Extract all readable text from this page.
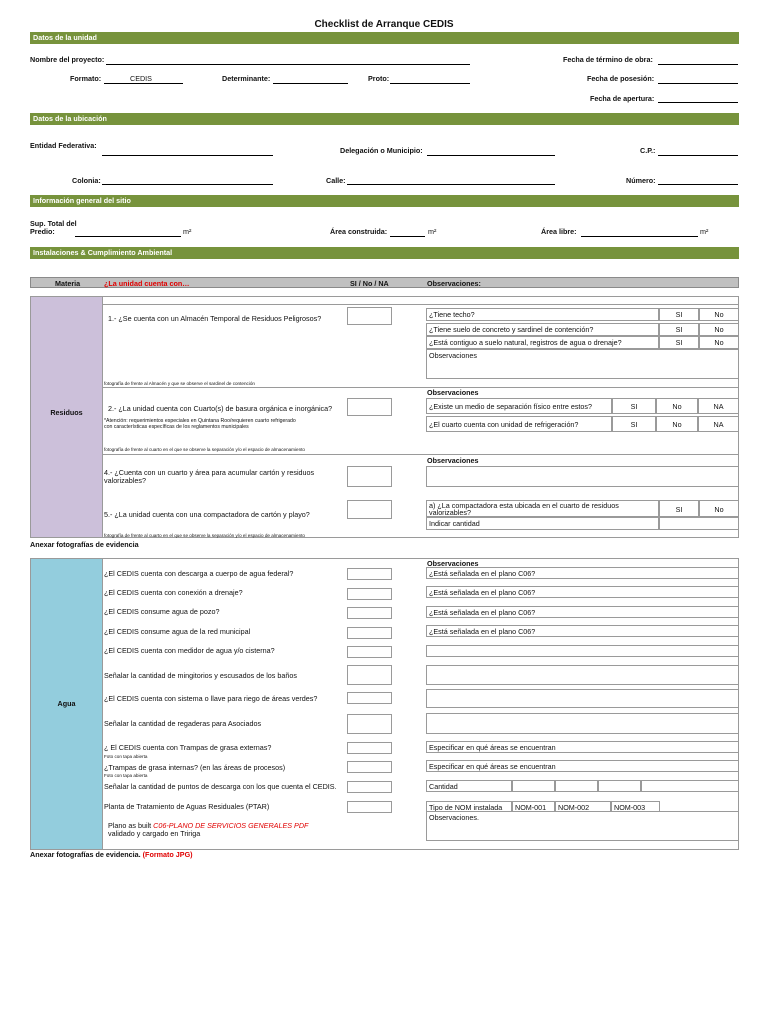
Checklist de Arranque CEDIS
Datos de la unidad
Nombre del proyecto:
Formato:	CEDIS	Determinante:	Proto:
Fecha de término de obra:
Fecha de posesión:
Fecha de apertura:
Datos de la ubicación
Entidad Federativa:
Delegación o Municipio:	C.P.:
Colonia:	Calle:	Número:
Información general del sitio
Sup. Total del
Predio:	m²	Área construida:	m²	Área libre:	m²
Instalaciones & Cumplimiento Ambiental
Materia	¿La unidad cuenta con…	SI / No / NA	Observaciones:
Residuos
1.- ¿Se cuenta con un Almacén Temporal de Residuos Peligrosos?
fotografía de frente al Almacén y que se observe el sardinel de contención
¿Tiene techo?	SI	No
¿Tiene suelo de concreto y sardinel de contención?	SI	No
¿Está contiguo a suelo natural, registros de agua o drenaje?	SI	No
Observaciones
Observaciones
2.- ¿La unidad cuenta con Cuarto(s) de basura orgánica e inorgánica?
*Atención: requerimientos especiales en Quintana Roo/requieren cuarto refrigerado
con características específicas de los reglamentos municipales
fotografía de frente al cuarto en el que se observe la separación y/o el espacio de almacenamiento
¿Existe un medio de separación físico entre estos?	SI	No	NA
¿El cuarto cuenta con unidad de refrigeración?	SI	No	NA
Observaciones
4.- ¿Cuenta con un cuarto y área para acumular cartón y residuos
valorizables?
5.- ¿La unidad cuenta con una compactadora de cartón y playo?
a) ¿La compactadora esta ubicada en el cuarto de residuos
valorizables?	SI	No
Indicar cantidad
fotografía de frente al cuarto en el que se observe la separación y/o el espacio de almacenamiento
Anexar fotografías de evidencia
Agua
Observaciones
¿El CEDIS cuenta con descarga a cuerpo de agua federal?	¿Está señalada en el plano C06?
¿El CEDIS cuenta con conexión a drenaje?	¿Está señalada en el plano C06?
¿El CEDIS consume agua de pozo?	¿Está señalada en el plano C06?
¿El CEDIS consume agua de la red municipal	¿Está señalada en el plano C06?
¿El CEDIS cuenta con medidor de agua y/o cisterna?
Señalar la cantidad de mingitorios y escusados de los baños
¿El CEDIS cuenta con sistema o llave para riego de áreas verdes?
Señalar la cantidad de regaderas para Asociados
¿ El CEDIS cuenta con Trampas de grasa externas?
Foto con tapa abierta
Especificar en qué áreas se encuentran
¿Trampas de grasa internas? (en las áreas de procesos)
Foto con tapa abierta
Especificar en qué áreas se encuentran
Señalar la cantidad de puntos de descarga con los que cuenta el CEDIS.	Cantidad
Planta de Tratamiento de Aguas Residuales (PTAR)	Tipo de NOM instalada	NOM-001	NOM-002	NOM-003
Observaciones.
Plano as built C06-PLANO DE SERVICIOS GENERALES PDF
validado y cargado en Tririga
Anexar fotografías de evidencia. (Formato JPG)
